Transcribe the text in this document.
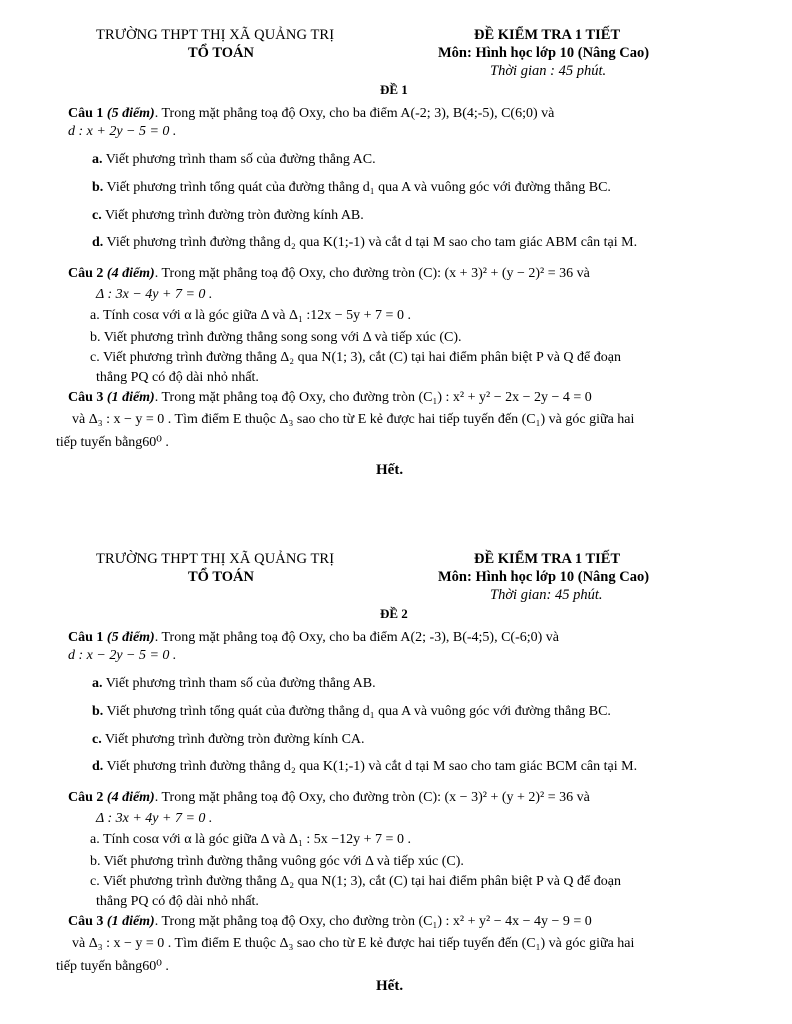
TRƯỜNG THPT THỊ XÃ QUẢNG TRỊ
TỔ TOÁN
ĐỀ KIỂM TRA 1 TIẾT
Môn: Hình học lớp 10 (Nâng Cao)
Thời gian : 45 phút.
ĐỀ 1
Câu 1 (5 điểm). Trong mặt phẳng toạ độ Oxy, cho ba điểm A(-2; 3), B(4;-5), C(6;0) và
d : x + 2y − 5 = 0 .
a. Viết phương trình tham số của đường thẳng AC.
b. Viết phương trình tổng quát của đường thẳng d₁ qua A và vuông góc với đường thẳng BC.
c. Viết phương trình đường tròn đường kính AB.
d. Viết phương trình đường thẳng d₂ qua K(1;-1) và cắt d tại M sao cho tam giác ABM cân tại M.
Câu 2 (4 điểm). Trong mặt phẳng toạ độ Oxy, cho đường tròn (C): (x + 3)² + (y − 2)² = 36 và
Δ : 3x − 4y + 7 = 0 .
a. Tính cosα với α là góc giữa Δ và Δ₁ :12x − 5y + 7 = 0 .
b. Viết phương trình đường thẳng song song với Δ và tiếp xúc (C).
c. Viết phương trình đường thẳng Δ₂ qua N(1; 3), cắt (C) tại hai điểm phân biệt P và Q để đoạn
thẳng PQ có độ dài nhỏ nhất.
Câu 3 (1 điểm). Trong mặt phẳng toạ độ Oxy, cho đường tròn (C₁) : x² + y² − 2x − 2y − 4 = 0
và Δ₃ : x − y = 0 . Tìm điểm E thuộc Δ₃ sao cho từ E kẻ được hai tiếp tuyến đến (C₁) và góc giữa hai
tiếp tuyến bằng60⁰ .
Hết.
TRƯỜNG THPT THỊ XÃ QUẢNG TRỊ
TỔ TOÁN
ĐỀ KIỂM TRA 1 TIẾT
Môn: Hình học lớp 10 (Nâng Cao)
Thời gian: 45 phút.
ĐỀ 2
Câu 1 (5 điểm). Trong mặt phẳng toạ độ Oxy, cho ba điểm A(2; -3), B(-4;5), C(-6;0) và
d : x − 2y − 5 = 0 .
a. Viết phương trình tham số của đường thẳng AB.
b. Viết phương trình tổng quát của đường thẳng d₁ qua A và vuông góc với đường thẳng BC.
c. Viết phương trình đường tròn đường kính CA.
d. Viết phương trình đường thẳng d₂ qua K(1;-1) và cắt d tại M sao cho tam giác BCM cân tại M.
Câu 2 (4 điểm). Trong mặt phẳng toạ độ Oxy, cho đường tròn (C): (x − 3)² + (y + 2)² = 36 và
Δ : 3x + 4y + 7 = 0 .
a. Tính cosα với α là góc giữa Δ và Δ₁ : 5x −12y + 7 = 0 .
b. Viết phương trình đường thẳng vuông góc với Δ và tiếp xúc (C).
c. Viết phương trình đường thẳng Δ₂ qua N(1; 3), cắt (C) tại hai điểm phân biệt P và Q để đoạn
thẳng PQ có độ dài nhỏ nhất.
Câu 3 (1 điểm). Trong mặt phẳng toạ độ Oxy, cho đường tròn (C₁) : x² + y² − 4x − 4y − 9 = 0
và Δ₃ : x − y = 0 . Tìm điểm E thuộc Δ₃ sao cho từ E kẻ được hai tiếp tuyến đến (C₁) và góc giữa hai
tiếp tuyến bằng60⁰ .
Hết.
